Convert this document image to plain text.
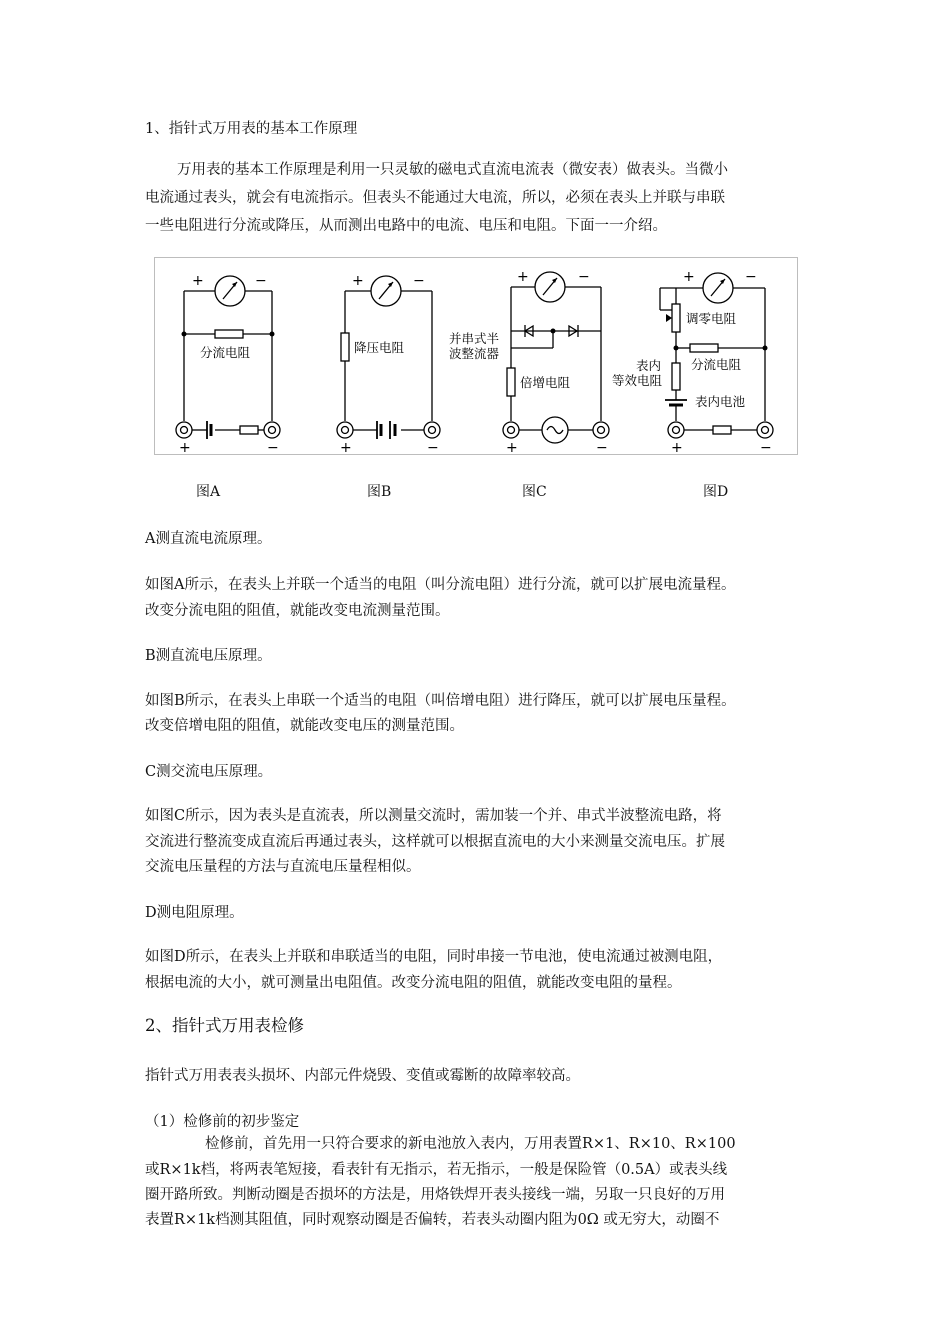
1、指针式万用表的基本工作原理
万用表的基本工作原理是利用一只灵敏的磁电式直流电流表（微安表）做表头。当微小
电流通过表头，就会有电流指示。但表头不能通过大电流，所以，必须在表头上并联与串联
一些电阻进行分流或降压，从而测出电路中的电流、电压和电阻。下面一一介绍。
+	−	+	−	+	−	+	−
+	−	+	−	+	−	+	−
分流电阻	降压电阻
并串式半
波整流器
倍增电阻
调零电阻
分流电阻
表内
等效电阻
表内电池
图A	图B	图C	图D
A测直流电流原理。
如图A所示，在表头上并联一个适当的电阻（叫分流电阻）进行分流，就可以扩展电流量程。
改变分流电阻的阻值，就能改变电流测量范围。
B测直流电压原理。
如图B所示，在表头上串联一个适当的电阻（叫倍增电阻）进行降压，就可以扩展电压量程。
改变倍增电阻的阻值，就能改变电压的测量范围。
C测交流电压原理。
如图C所示，因为表头是直流表，所以测量交流时，需加装一个并、串式半波整流电路，将
交流进行整流变成直流后再通过表头，这样就可以根据直流电的大小来测量交流电压。扩展
交流电压量程的方法与直流电压量程相似。
D测电阻原理。
如图D所示，在表头上并联和串联适当的电阻，同时串接一节电池，使电流通过被测电阻，
根据电流的大小，就可测量出电阻值。改变分流电阻的阻值，就能改变电阻的量程。
2、指针式万用表检修
指针式万用表表头损坏、内部元件烧毁、变值或霉断的故障率较高。
（1）检修前的初步鉴定
检修前，首先用一只符合要求的新电池放入表内，万用表置R×1、R×10、R×100
或R×1k档，将两表笔短接，看表针有无指示，若无指示，一般是保险管（0.5A）或表头线
圈开路所致。判断动圈是否损坏的方法是，用烙铁焊开表头接线一端，另取一只良好的万用
表置R×1k档测其阻值，同时观察动圈是否偏转，若表头动圈内阻为0Ω 或无穷大，动圈不
